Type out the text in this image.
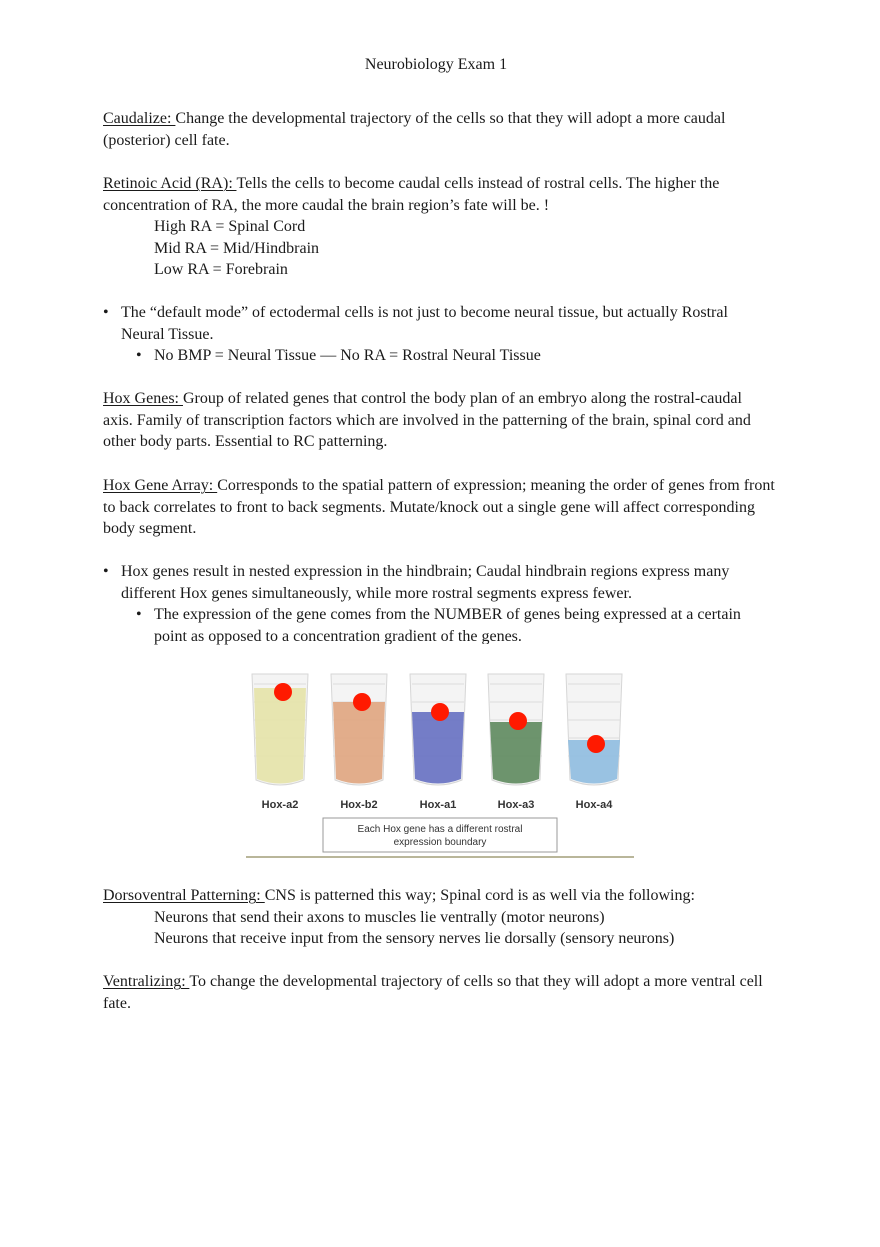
Neurobiology Exam 1
Caudalize: Change the developmental trajectory of the cells so that they will adopt a more caudal (posterior) cell fate.
Retinoic Acid (RA): Tells the cells to become caudal cells instead of rostral cells. The higher the concentration of RA, the more caudal the brain region’s fate will be. !
High RA = Spinal Cord
Mid RA = Mid/Hindbrain
Low RA = Forebrain
• The “default mode” of ectodermal cells is not just to become neural tissue, but actually Rostral Neural Tissue.
• No BMP = Neural Tissue — No RA = Rostral Neural Tissue
Hox Genes: Group of related genes that control the body plan of an embryo along the rostral-caudal axis. Family of transcription factors which are involved in the patterning of the brain, spinal cord and other body parts. Essential to RC patterning.
Hox Gene Array: Corresponds to the spatial pattern of expression; meaning the order of genes from front to back correlates to front to back segments. Mutate/knock out a single gene will affect corresponding body segment.
• Hox genes result in nested expression in the hindbrain; Caudal hindbrain regions express many different Hox genes simultaneously, while more rostral segments express fewer.
• The expression of the gene comes from the NUMBER of genes being expressed at a certain point as opposed to a concentration gradient of the genes.
Hox-a2	Hox-b2	Hox-a1	Hox-a3	Hox-a4
Each Hox gene has a different rostral
expression boundary
Dorsoventral Patterning: CNS is patterned this way; Spinal cord is as well via the following:
Neurons that send their axons to muscles lie ventrally (motor neurons)
Neurons that receive input from the sensory nerves lie dorsally (sensory neurons)
Ventralizing: To change the developmental trajectory of cells so that they will adopt a more ventral cell fate.
